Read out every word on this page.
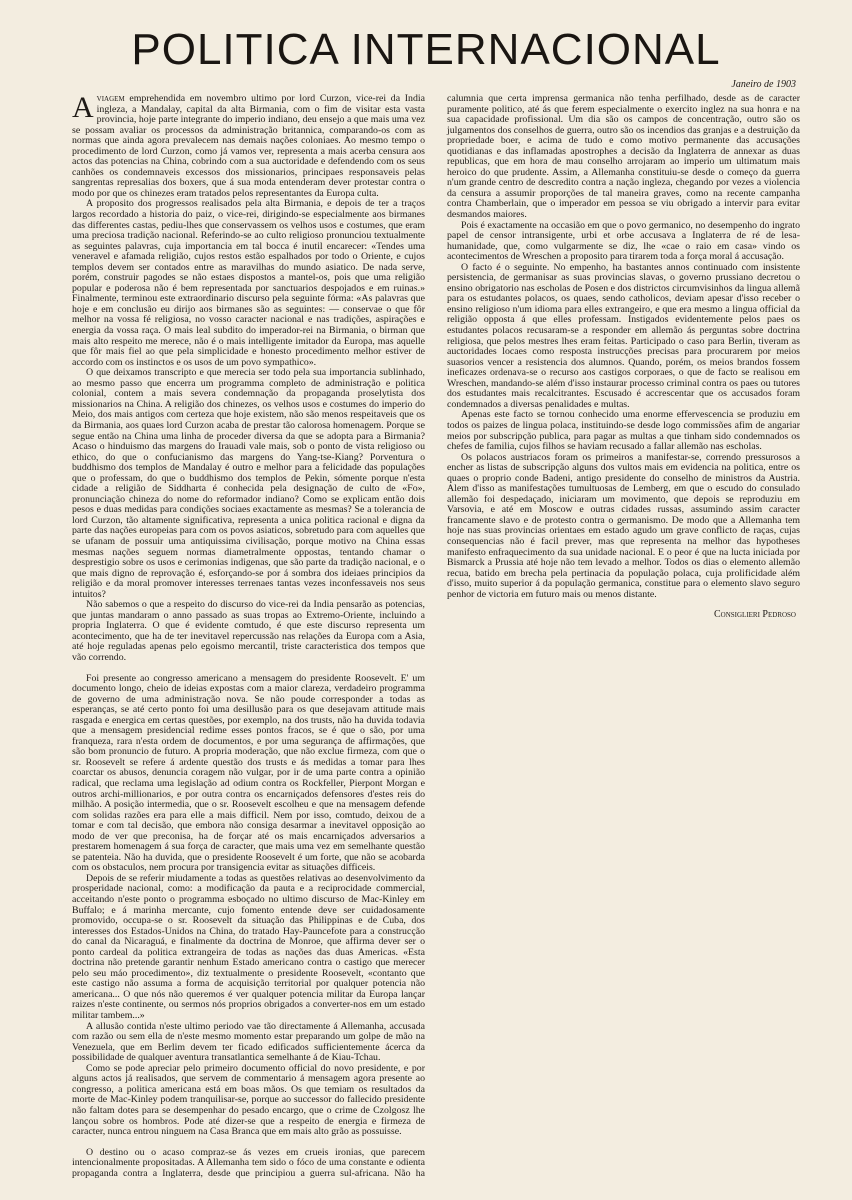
POLITICA INTERNACIONAL

Janeiro de 1903

Aviagem emprehendida em novembro ultimo por lord Curzon, vice-rei da India ingleza, a Mandalay, capital da alta Birmania, com o fim de visitar esta vasta provincia, hoje parte integrante do imperio indiano, deu ensejo a que mais uma vez se possam avaliar os processos da administração britannica, comparando-os com as normas que ainda agora prevalecem nas demais nações coloniaes. Ao mesmo tempo o procedimento de lord Curzon, como já vamos ver, representa a mais acerba censura aos actos das potencias na China, cobrindo com a sua auctoridade e defendendo com os seus canhões os condemnaveis excessos dos missionarios, principaes responsaveis pelas sangrentas represalias dos boxers, que á sua moda entenderam dever protestar contra o modo por que os chinezes eram tratados pelos representantes da Europa culta.

A proposito dos progressos realisados pela alta Birmania, e depois de ter a traços largos recordado a historia do paiz, o vice-rei, dirigindo-se especialmente aos birmanes das differentes castas, pediu-lhes que conservassem os velhos usos e costumes, que eram uma preciosa tradição nacional. Referindo-se ao culto religioso pronunciou textualmente as seguintes palavras, cuja importancia em tal bocca é inutil encarecer: «Tendes uma veneravel e afamada religião, cujos restos estão espalhados por todo o Oriente, e cujos templos devem ser contados entre as maravilhas do mundo asiatico. De nada serve, porém, construir pagodes se não estaes dispostos a mantel-os, pois que uma religião popular e poderosa não é bem representada por sanctuarios despojados e em ruinas.» Finalmente, terminou este extraordinario discurso pela seguinte fórma: «As palavras que hoje e em conclusão eu dirijo aos birmanes são as seguintes: — conservae o que fôr melhor na vossa fé religiosa, no vosso caracter nacional e nas tradições, aspirações e energia da vossa raça. O mais leal subdito do imperador-rei na Birmania, o birman que mais alto respeito me merece, não é o mais intelligente imitador da Europa, mas aquelle que fôr mais fiel ao que pela simplicidade e honesto procedimento melhor estiver de accordo com os instinctos e os usos de um povo sympathico».

O que deixamos transcripto e que merecia ser todo pela sua importancia sublinhado, ao mesmo passo que encerra um programma completo de administração e politica colonial, contem a mais severa condemnação da propaganda proselytista dos missionarios na China. A religião dos chinezes, os velhos usos e costumes do imperio do Meio, dos mais antigos com certeza que hoje existem, não são menos respeitaveis que os da Birmania, aos quaes lord Curzon acaba de prestar tão calorosa homenagem. Porque se segue então na China uma linha de proceder diversa da que se adopta para a Birmania? Acaso o hinduismo das margens do Irauadi vale mais, sob o ponto de vista religioso ou ethico, do que o confucianismo das margens do Yang-tse-Kiang? Porventura o buddhismo dos templos de Mandalay é outro e melhor para a felicidade das populações que o professam, do que o buddhismo dos templos de Pekin, sómente porque n'esta cidade a religião de Siddharta é conhecida pela designação de culto de «Fo», pronunciação chineza do nome do reformador indiano? Como se explicam então dois pesos e duas medidas para condições sociaes exactamente as mesmas? Se a tolerancia de lord Curzon, tão altamente significativa, representa a unica politica racional e digna da parte das nações europeias para com os povos asiaticos, sobretudo para com aquelles que se ufanam de possuir uma antiquissima civilisação, porque motivo na China essas mesmas nações seguem normas diametralmente oppostas, tentando chamar o desprestigio sobre os usos e cerimonias indigenas, que são parte da tradição nacional, e o que mais digno de reprovação é, esforçando-se por á sombra dos ideiaes principios da religião e da moral promover interesses terrenaes tantas vezes inconfessaveis nos seus intuitos?

Não sabemos o que a respeito do discurso do vice-rei da India pensarão as potencias, que juntas mandaram o anno passado as suas tropas ao Extremo-Oriente, incluindo a propria Inglaterra. O que é evidente comtudo, é que este discurso representa um acontecimento, que ha de ter inevitavel repercussão nas relações da Europa com a Asia, até hoje reguladas apenas pelo egoismo mercantil, triste caracteristica dos tempos que vão correndo.

Foi presente ao congresso americano a mensagem do presidente Roosevelt. E' um documento longo, cheio de ideias expostas com a maior clareza, verdadeiro programma de governo de uma administração nova. Se não poude corresponder a todas as esperanças, se até certo ponto foi uma desillusão para os que desejavam attitude mais rasgada e energica em certas questões, por exemplo, na dos trusts, não ha duvida todavia que a mensagem presidencial redime esses pontos fracos, se é que o são, por uma franqueza, rara n'esta ordem de documentos, e por uma segurança de affirmações, que são bom pronuncio de futuro. A propria moderação, que não exclue firmeza, com que o sr. Roosevelt se refere á ardente questão dos trusts e ás medidas a tomar para lhes coarctar os abusos, denuncia coragem não vulgar, por ir de uma parte contra a opinião radical, que reclama uma legislação ad odium contra os Rockfeller, Pierpont Morgan e outros archi-millionarios, e por outra contra os encarniçados defensores d'estes reis do milhão. A posição intermedia, que o sr. Roosevelt escolheu e que na mensagem defende com solidas razões era para elle a mais difficil. Nem por isso, comtudo, deixou de a tomar e com tal decisão, que embora não consiga desarmar a inevitavel opposição ao modo de ver que preconisa, ha de forçar até os mais encarniçados adversarios a prestarem homenagem á sua força de caracter, que mais uma vez em semelhante questão se patenteia. Não ha duvida, que o presidente Roosevelt é um forte, que não se acobarda com os obstaculos, nem procura por transigencia evitar as situações difficeis.

Depois de se referir miudamente a todas as questões relativas ao desenvolvimento da prosperidade nacional, como: a modificação da pauta e a reciprocidade commercial, acceitando n'este ponto o programma esboçado no ultimo discurso de Mac-Kinley em Buffalo; e á marinha mercante, cujo fomento entende deve ser cuidadosamente promovido, occupa-se o sr. Roosevelt da situação das Philippinas e de Cuba, dos interesses dos Estados-Unidos na China, do tratado Hay-Pauncefote para a construcção do canal da Nicaraguá, e finalmente da doctrina de Monroe, que affirma dever ser o ponto cardeal da politica extrangeira de todas as nações das duas Americas. «Esta doctrina não pretende garantir nenhum Estado americano contra o castigo que merecer pelo seu máo procedimento», diz textualmente o presidente Roosevelt, «contanto que este castigo não assuma a forma de acquisição territorial por qualquer potencia não americana... O que nós não queremos é ver qualquer potencia militar da Europa lançar raizes n'este continente, ou sermos nós proprios obrigados a converter-nos em um estado militar tambem...»

A allusão contida n'este ultimo periodo vae tão directamente á Allemanha, accusada com razão ou sem ella de n'este mesmo momento estar preparando um golpe de mão na Venezuela, que em Berlim devem ter ficado edificados sufficientemente ácerca da possibilidade de qualquer aventura transatlantica semelhante á de Kiau-Tchau.

Como se pode apreciar pelo primeiro documento official do novo presidente, e por alguns actos já realisados, que servem de commentario á mensagem agora presente ao congresso, a politica americana está em boas mãos. Os que temiam os resultados da morte de Mac-Kinley podem tranquilisar-se, porque ao successor do fallecido presidente não faltam dotes para se desempenhar do pesado encargo, que o crime de Czolgosz lhe lançou sobre os hombros. Pode até dizer-se que a respeito de energia e firmeza de caracter, nunca entrou ninguem na Casa Branca que em mais alto grão as possuisse.

O destino ou o acaso compraz-se ás vezes em crueis ironias, que parecem intencionalmente propositadas. A Allemanha tem sido o fóco de uma constante e odienta propaganda contra a Inglaterra, desde que principiou a guerra sul-africana. Não ha calumnia que certa imprensa germanica não tenha perfilhado, desde as de caracter puramente politico, até ás que ferem especialmente o exercito inglez na sua honra e na sua capacidade profissional. Um dia são os campos de concentração, outro são os julgamentos dos conselhos de guerra, outro são os incendios das granjas e a destruição da propriedade boer, e acima de tudo e como motivo permanente das accusações quotidianas e das inflamadas apostrophes a decisão da Inglaterra de annexar as duas republicas, que em hora de mau conselho arrojaram ao imperio um ultimatum mais heroico do que prudente. Assim, a Allemanha constituiu-se desde o começo da guerra n'um grande centro de descredito contra a nação ingleza, chegando por vezes a violencia da censura a assumir proporções de tal maneira graves, como na recente campanha contra Chamberlain, que o imperador em pessoa se viu obrigado a intervir para evitar desmandos maiores.

Pois é exactamente na occasião em que o povo germanico, no desempenho do ingrato papel de censor intransigente, urbi et orbe accusava a Inglaterra de ré de lesa-humanidade, que, como vulgarmente se diz, lhe «cae o raio em casa» vindo os acontecimentos de Wreschen a proposito para tirarem toda a força moral á accusação.

O facto é o seguinte. No empenho, ha bastantes annos continuado com insistente persistencia, de germanisar as suas provincias slavas, o governo prussiano decretou o ensino obrigatorio nas escholas de Posen e dos districtos circumvisinhos da lingua allemã para os estudantes polacos, os quaes, sendo catholicos, deviam apesar d'isso receber o ensino religioso n'um idioma para elles extrangeiro, e que era mesmo a lingua official da religião opposta á que elles professam. Instigados evidentemente pelos paes os estudantes polacos recusaram-se a responder em allemão ás perguntas sobre doctrina religiosa, que pelos mestres lhes eram feitas. Participado o caso para Berlin, tiveram as auctoridades locaes como resposta instrucções precisas para procurarem por meios suasorios vencer a resistencia dos alumnos. Quando, porém, os meios brandos fossem ineficazes ordenava-se o recurso aos castigos corporaes, o que de facto se realisou em Wreschen, mandando-se além d'isso instaurar processo criminal contra os paes ou tutores dos estudantes mais recalcitrantes. Escusado é accrescentar que os accusados foram condemnados a diversas penalidades e multas.

Apenas este facto se tornou conhecido uma enorme effervescencia se produziu em todos os paizes de lingua polaca, instituindo-se desde logo commissões afim de angariar meios por subscripção publica, para pagar as multas a que tinham sido condemnados os chefes de familia, cujos filhos se haviam recusado a fallar allemão nas escholas.

Os polacos austriacos foram os primeiros a manifestar-se, correndo pressurosos a encher as listas de subscripção alguns dos vultos mais em evidencia na politica, entre os quaes o proprio conde Badeni, antigo presidente do conselho de ministros da Austria. Alem d'isso as manifestações tumultuosas de Lemberg, em que o escudo do consulado allemão foi despedaçado, iniciaram um movimento, que depois se reproduziu em Varsovia, e até em Moscow e outras cidades russas, assumindo assim caracter francamente slavo e de protesto contra o germanismo. De modo que a Allemanha tem hoje nas suas provincias orientaes em estado agudo um grave conflicto de raças, cujas consequencias não é facil prever, mas que representa na melhor das hypotheses manifesto enfraquecimento da sua unidade nacional. E o peor é que na lucta iniciada por Bismarck a Prussia até hoje não tem levado a melhor. Todos os dias o elemento allemão recua, batido em brecha pela pertinacia da população polaca, cuja prolificidade além d'isso, muito superior á da população germanica, constitue para o elemento slavo seguro penhor de victoria em futuro mais ou menos distante.

Consiglieri Pedroso
